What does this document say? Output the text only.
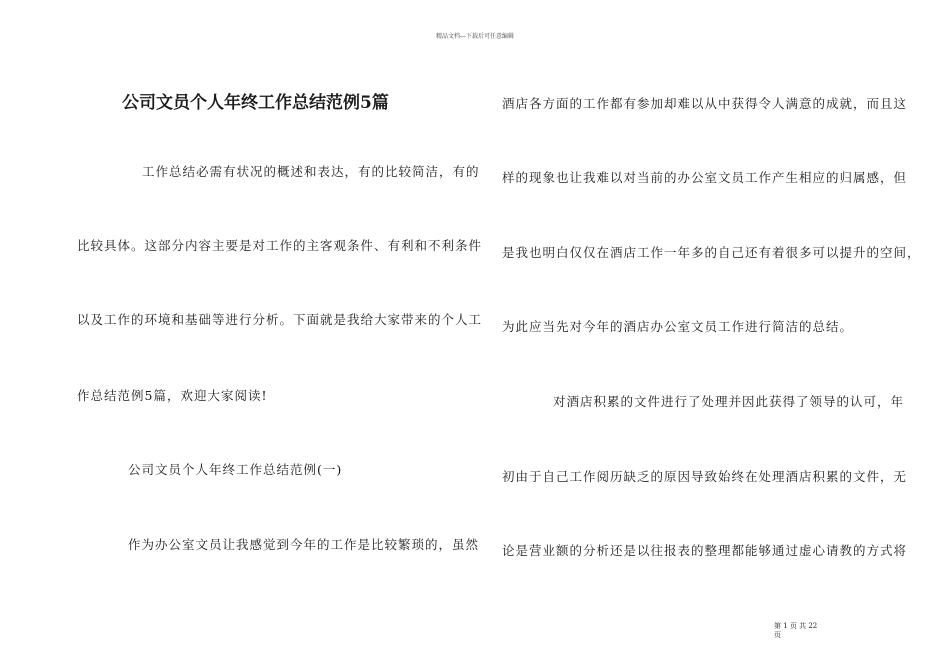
精品文档---下载后可任意编辑
公司文员个人年终工作总结范例5篇
工作总结必需有状况的概述和表达，有的比较简洁，有的
比较具体。这部分内容主要是对工作的主客观条件、有利和不利条件
以及工作的环境和基础等进行分析。下面就是我给大家带来的个人工
作总结范例5篇，欢迎大家阅读!
公司文员个人年终工作总结范例(一)
作为办公室文员让我感觉到今年的工作是比较繁琐的，虽然
酒店各方面的工作都有参加却难以从中获得令人满意的成就，而且这
样的现象也让我难以对当前的办公室文员工作产生相应的归属感，但
是我也明白仅仅在酒店工作一年多的自己还有着很多可以提升的空间，
为此应当先对今年的酒店办公室文员工作进行简洁的总结。
对酒店积累的文件进行了处理并因此获得了领导的认可，年
初由于自己工作阅历缺乏的原因导致始终在处理酒店积累的文件，无
论是营业额的分析还是以往报表的整理都能够通过虚心请教的方式将
第 1 页 共 22
页
